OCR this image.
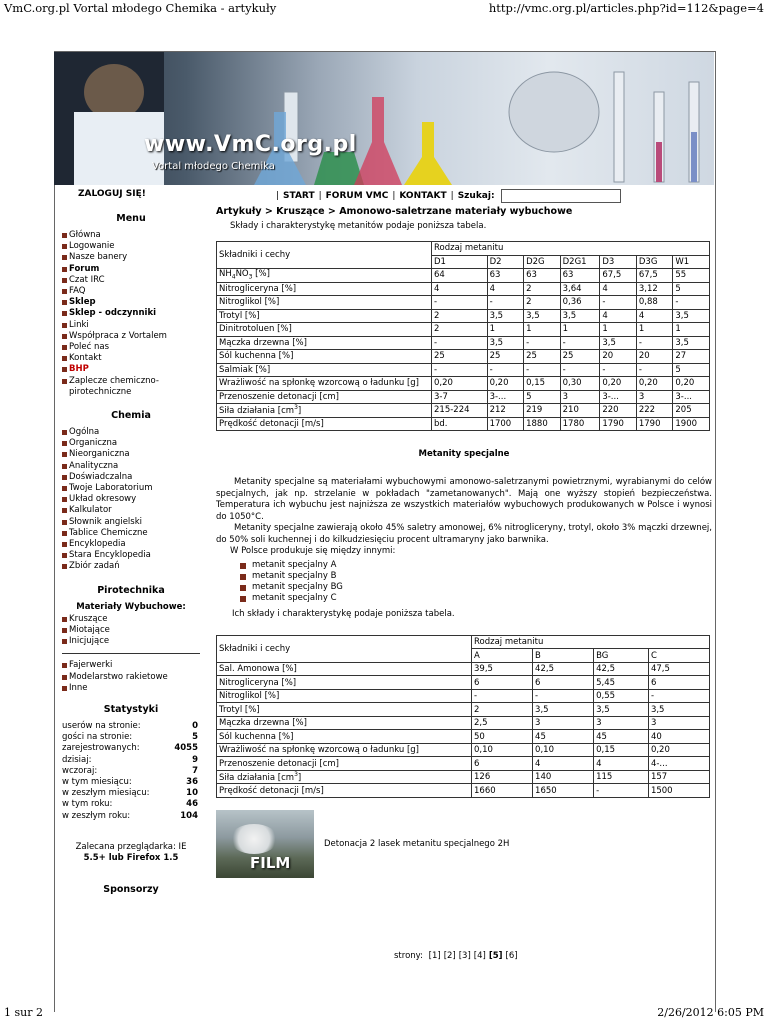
VmC.org.pl Vortal młodego Chemika - artykuły	http://vmc.org.pl/articles.php?id=112&page=4
www.VmC.org.pl
Vortal młodego Chemika
ZALOGUJ SIĘ!	| START | FORUM VMC | KONTAKT | Szukaj:
Menu
Główna
Logowanie
Nasze banery
Forum
Czat IRC
FAQ
Sklep
Sklep - odczynniki
Linki
Współpraca z Vortalem
Poleć nas
Kontakt
BHP
Zaplecze chemiczno-pirotechniczne
Chemia
Ogólna
Organiczna
Nieorganiczna
Analityczna
Doświadczalna
Twoje Laboratorium
Układ okresowy
Kalkulator
Słownik angielski
Tablice Chemiczne
Encyklopedia
Stara Encyklopedia
Zbiór zadań
Pirotechnika
Materiały Wybuchowe:
Kruszące
Miotające
Inicjujące
Fajerwerki
Modelarstwo rakietowe
Inne
Statystyki
userów na stronie:	0
gości na stronie:	5
zarejestrowanych:	4055
dzisiaj:	9
wczoraj:	7
w tym miesiącu:	36
w zeszłym miesiącu:	10
w tym roku:	46
w zeszłym roku:	104
Zalecana przeglądarka: IE
5.5+ lub Firefox 1.5
Sponsorzy
Artykuły > Kruszące > Amonowo-saletrzane materiały wybuchowe
Składy i charakterystykę metanitów podaje poniższa tabela.
Składniki i cechy	Rodzaj metanitu						
	D1	D2	D2G	D2G1	D3	D3G	W1
$NH_4NO_3$ [%]	64	63	63	63	67,5	67,5	55
Nitrogliceryna [%]	4	4	2	3,64	4	3,12	5
Nitroglikol [%]	-	-	2	0,36	-	0,88	-
Trotyl [%]	2	3,5	3,5	3,5	4	4	3,5
Dinitrotoluen [%]	2	1	1	1	1	1	1
Mączka drzewna [%]	-	3,5	-	-	3,5	-	3,5
Sól kuchenna [%]	25	25	25	25	20	20	27
Salmiak [%]	-	-	-	-	-	-	5
Wrażliwość na spłonkę wzorcową o ładunku [g]	0,20	0,20	0,15	0,30	0,20	0,20	0,20
Przenoszenie detonacji [cm]	3-7	3-...	5	3	3-...	3	3-...
Siła działania $[cm^3]$	215-224	212	219	210	220	222	205
Prędkość detonacji [m/s]	bd.	1700	1880	1780	1790	1790	1900
Metanity specjalne
Metanity specjalne są materiałami wybuchowymi amonowo-saletrzanymi powietrznymi, wyrabianymi do celów specjalnych, jak np. strzelanie w pokładach "zametanowanych". Mają one wyższy stopień bezpieczeństwa. Temperatura ich wybuchu jest najniższa ze wszystkich materiałów wybuchowych produkowanych w Polsce i wynosi do 1050°C.
Metanity specjalne zawierają około 45% saletry amonowej, 6% nitrogliceryny, trotyl, około 3% mączki drzewnej, do 50% soli kuchennej i do kilkudziesięciu procent ultramaryny jako barwnika.
W Polsce produkuje się między innymi:
metanit specjalny A
metanit specjalny B
metanit specjalny BG
metanit specjalny C
Ich składy i charakterystykę podaje poniższa tabela.
Składniki i cechy	Rodzaj metanitu			
	A	B	BG	C
Sal. Amonowa [%]	39,5	42,5	42,5	47,5
Nitrogliceryna [%]	6	6	5,45	6
Nitroglikol [%]	-	-	0,55	-
Trotyl [%]	2	3,5	3,5	3,5
Mączka drzewna [%]	2,5	3	3	3
Sól kuchenna [%]	50	45	45	40
Wrażliwość na spłonkę wzorcową o ładunku [g]	0,10	0,10	0,15	0,20
Przenoszenie detonacji [cm]	6	4	4	4-...
Siła działania $[cm^3]$	126	140	115	157
Prędkość detonacji [m/s]	1660	1650	-	1500
FILM
Detonacja 2 lasek metanitu specjalnego 2H
strony: [1] [2] [3] [4] [5] [6]
1 sur 2	2/26/2012 6:05 PM
